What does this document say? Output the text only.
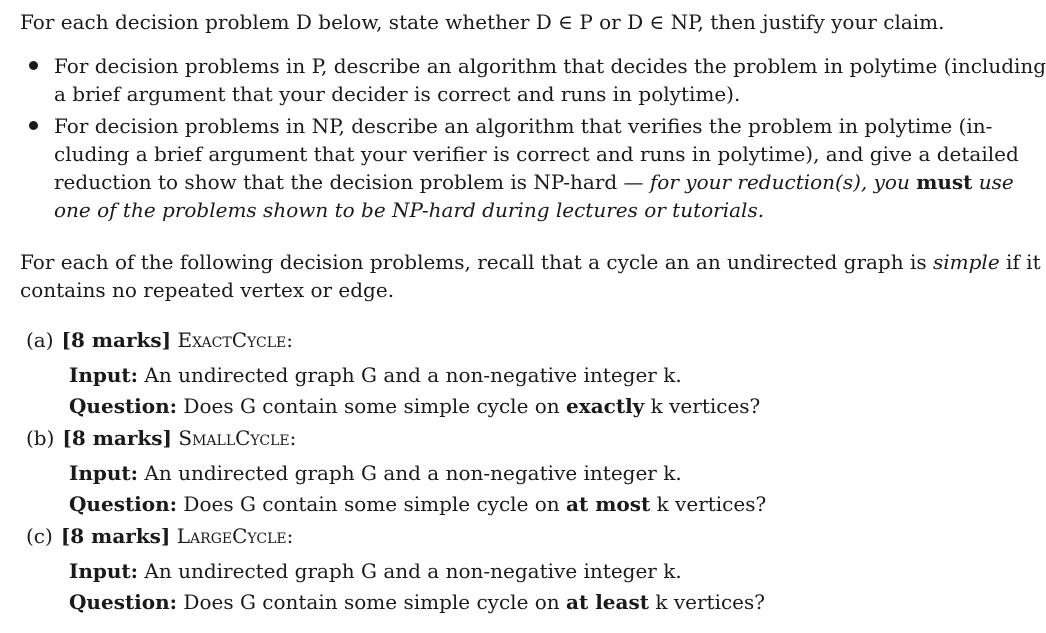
For each decision problem D below, state whether D ∈ P or D ∈ NP, then justify your claim.
For decision problems in P, describe an algorithm that decides the problem in polytime (including
a brief argument that your decider is correct and runs in polytime).
For decision problems in NP, describe an algorithm that verifies the problem in polytime (in-
cluding a brief argument that your verifier is correct and runs in polytime), and give a detailed
reduction to show that the decision problem is NP-hard — for your reduction(s), you must use
one of the problems shown to be NP-hard during lectures or tutorials.
For each of the following decision problems, recall that a cycle an an undirected graph is simple if it
contains no repeated vertex or edge.
(a) [8 marks] ExactCycle:
Input: An undirected graph G and a non-negative integer k.
Question: Does G contain some simple cycle on exactly k vertices?
(b) [8 marks] SmallCycle:
Input: An undirected graph G and a non-negative integer k.
Question: Does G contain some simple cycle on at most k vertices?
(c) [8 marks] LargeCycle:
Input: An undirected graph G and a non-negative integer k.
Question: Does G contain some simple cycle on at least k vertices?
